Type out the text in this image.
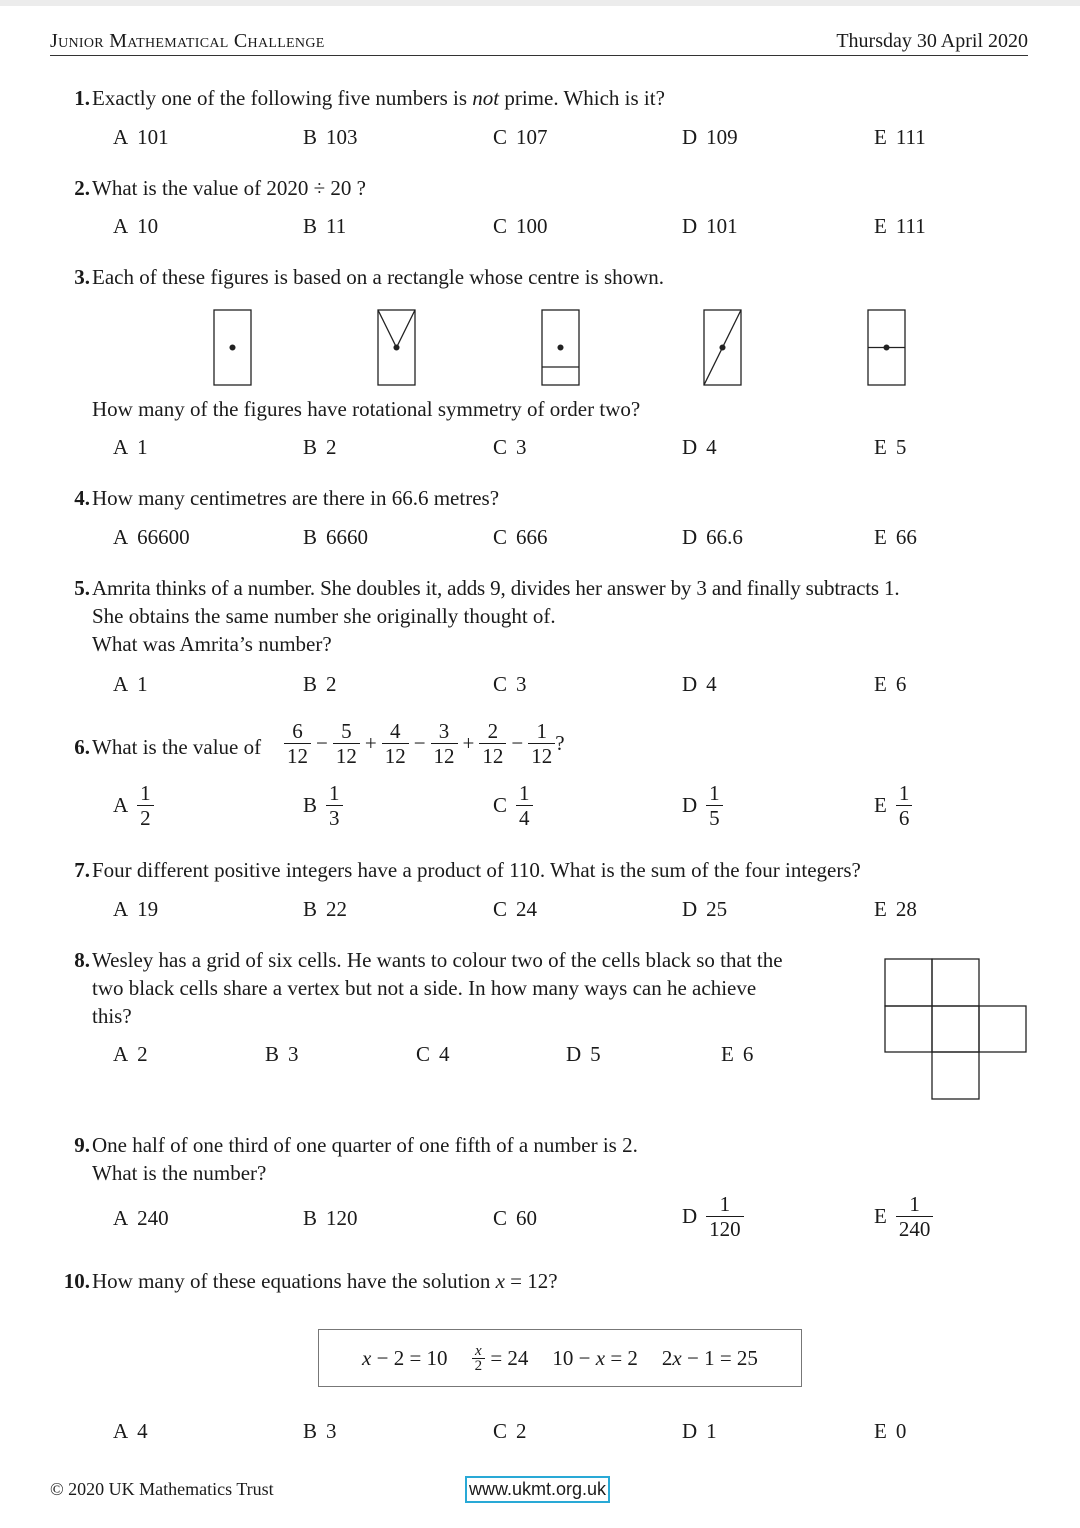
Junior Mathematical Challenge	Thursday 30 April 2020
1. Exactly one of the following five numbers is not prime. Which is it?
A 101	B 103	C 107	D 109	E 111
2. What is the value of 2020 ÷ 20 ?
A 10	B 11	C 100	D 101	E 111
3. Each of these figures is based on a rectangle whose centre is shown.
How many of the figures have rotational symmetry of order two?
A 1	B 2	C 3	D 4	E 5
4. How many centimetres are there in 66.6 metres?
A 66600	B 6660	C 666	D 66.6	E 66
5. Amrita thinks of a number. She doubles it, adds 9, divides her answer by 3 and finally subtracts 1.
She obtains the same number she originally thought of.
What was Amrita’s number?
A 1	B 2	C 3	D 4	E 6
6. What is the value of $\frac{6}{12} - \frac{5}{12} + \frac{4}{12} - \frac{3}{12} + \frac{2}{12} - \frac{1}{12}$ ?
A $\frac{1}{2}$	B $\frac{1}{3}$	C $\frac{1}{4}$	D $\frac{1}{5}$	E $\frac{1}{6}$
7. Four different positive integers have a product of 110. What is the sum of the four integers?
A 19	B 22	C 24	D 25	E 28
8. Wesley has a grid of six cells. He wants to colour two of the cells black so that the
two black cells share a vertex but not a side. In how many ways can he achieve
this?
A 2	B 3	C 4	D 5	E 6
9. One half of one third of one quarter of one fifth of a number is 2.
What is the number?
A 240	B 120	C 60	D $\frac{1}{120}$	E $\frac{1}{240}$
10. How many of these equations have the solution x = 12?
$x - 2 = 10 \frac{x}{2} = 24$ 10 − x = 2 2x − 1 = 25
A 4	B 3	C 2	D 1	E 0
© 2020 UK Mathematics Trust	www.ukmt.org.uk
